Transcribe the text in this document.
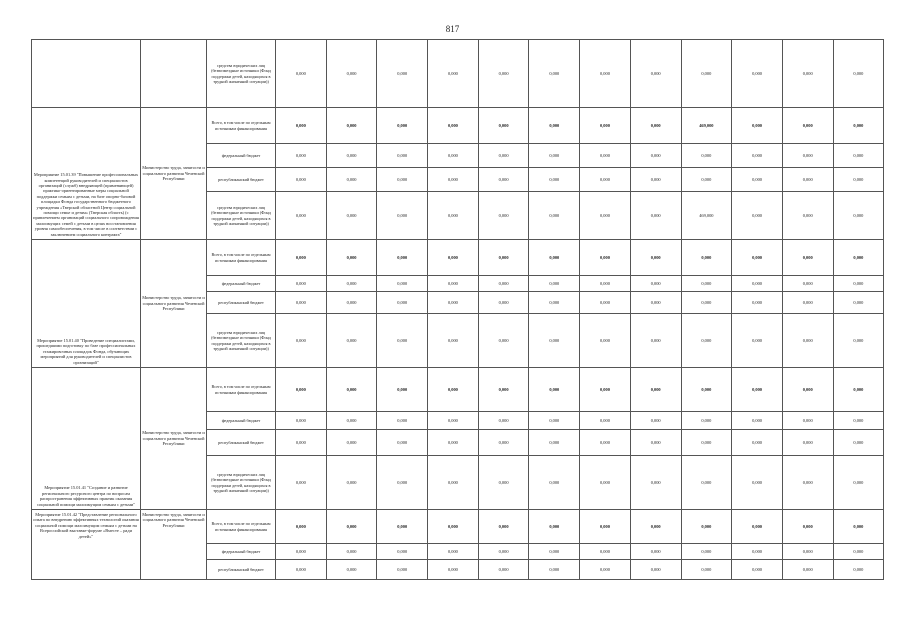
817
		средства юридических лиц (безвозмездные источники (Фонд поддержки детей, находящихся в трудной жизненной ситуации))	0,000	0,000	0,000	0,000	0,000	0,000	0,000	0,000	0,000	0,000	0,000	0,000
Мероприятие 15.01.39 "Повышение профессиональных компетенций руководителей и специалистов организаций (служб) внедряющей (применяющей) практико-ориентированные меры социальной поддержки семьям с детьми, на базе опорно-базовой площадки Фонда государственного бюджетного учреждения «Тверской областной Центр социальной помощи семье и детям» (Тверская область) (с привлечением организаций социального сопровождения малоимущих семей с детьми в целях восстановления уровня самообеспечения, в том числе в соответствии с заключением социального контракта"	Министерство труда, занятости и социального развития Чеченской Республики	Всего, в том числе по отдельным источникам финансирования	0,000	0,000	0,000	0,000	0,000	0,000	0,000	0,000	469,000	0,000	0,000	0,000
		федеральный бюджет	0,000	0,000	0,000	0,000	0,000	0,000	0,000	0,000	0,000	0,000	0,000	0,000
		республиканский бюджет	0,000	0,000	0,000	0,000	0,000	0,000	0,000	0,000	0,000	0,000	0,000	0,000
		средства юридических лиц (безвозмездные источники (Фонд поддержки детей, находящихся в трудной жизненной ситуации))	0,000	0,000	0,000	0,000	0,000	0,000	0,000	0,000	469,000	0,000	0,000	0,000
Мероприятие 15.01.40 "Проведение специалистами, прошедшими подготовку по базе профессиональных стажировочных площадок Фонда, обучающих мероприятий для руководителей и специалистов организаций"	Министерство труда, занятости и социального развития Чеченской Республики	Всего, в том числе по отдельным источникам финансирования	0,000	0,000	0,000	0,000	0,000	0,000	0,000	0,000	0,000	0,000	0,000	0,000
		федеральный бюджет	0,000	0,000	0,000	0,000	0,000	0,000	0,000	0,000	0,000	0,000	0,000	0,000
		республиканский бюджет	0,000	0,000	0,000	0,000	0,000	0,000	0,000	0,000	0,000	0,000	0,000	0,000
		средства юридических лиц (безвозмездные источники (Фонд поддержки детей, находящихся в трудной жизненной ситуации))	0,000	0,000	0,000	0,000	0,000	0,000	0,000	0,000	0,000	0,000	0,000	0,000
Мероприятие 15.01.41 "Создание и развитие регионального ресурсного центра по вопросам распространения эффективных практик оказания социальной помощи малоимущим семьям с детьми"	Министерство труда, занятости и социального развития Чеченской Республики	Всего, в том числе по отдельным источникам финансирования	0,000	0,000	0,000	0,000	0,000	0,000	0,000	0,000	0,000	0,000	0,000	0,000
		федеральный бюджет	0,000	0,000	0,000	0,000	0,000	0,000	0,000	0,000	0,000	0,000	0,000	0,000
		республиканский бюджет	0,000	0,000	0,000	0,000	0,000	0,000	0,000	0,000	0,000	0,000	0,000	0,000
		средства юридических лиц (безвозмездные источники (Фонд поддержки детей, находящихся в трудной жизненной ситуации))	0,000	0,000	0,000	0,000	0,000	0,000	0,000	0,000	0,000	0,000	0,000	0,000
Мероприятие 15.01.42 "Представление регионального опыта по внедрению эффективных технологий оказания социальной помощи малоимущим семьям с детьми на Всероссийской выставке-форуме «Вместе – ради детей»"	Министерство труда, занятости и социального развития Чеченской Республики	Всего, в том числе по отдельным источникам финансирования	0,000	0,000	0,000	0,000	0,000	0,000	0,000	0,000	0,000	0,000	0,000	0,000
		федеральный бюджет	0,000	0,000	0,000	0,000	0,000	0,000	0,000	0,000	0,000	0,000	0,000	0,000
		республиканский бюджет	0,000	0,000	0,000	0,000	0,000	0,000	0,000	0,000	0,000	0,000	0,000	0,000
